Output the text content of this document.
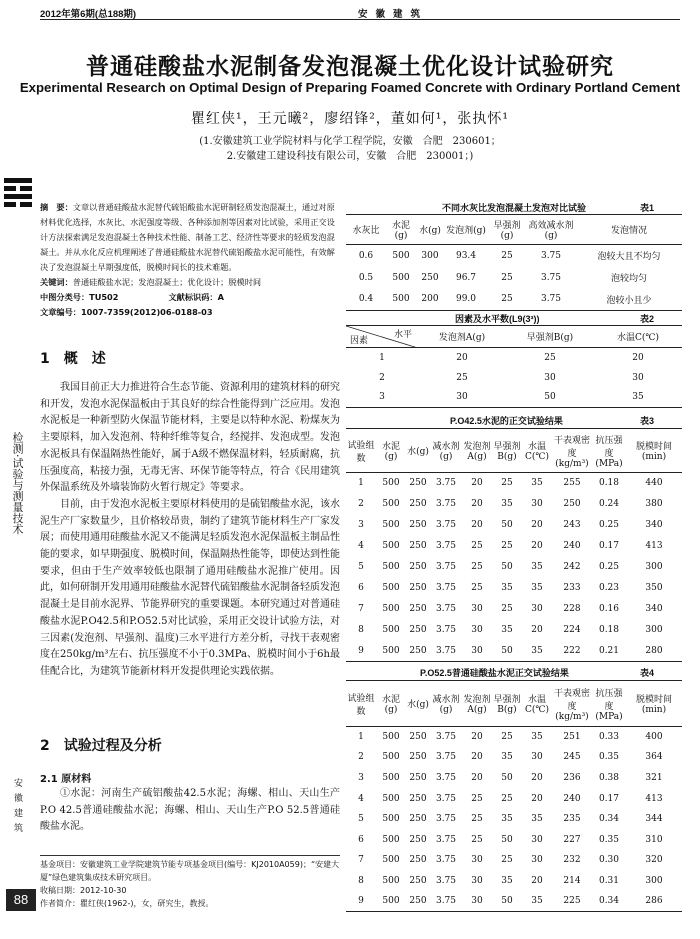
2012年第6期(总188期)	安徽建筑
普通硅酸盐水泥制备发泡混凝土优化设计试验研究
Experimental Research on Optimal Design of Preparing Foamed Concrete with Ordinary Portland Cement
瞿红侠¹，王元曦²，廖绍锋²，董如何¹，张执怀¹
(1.安徽建筑工业学院材料与化学工程学院，安徽　合肥　230601；
2.安徽建工建设科技有限公司，安徽　合肥　230001；)
检测·试验与测量技术
安徽建筑
88
摘　要：文章以普通硅酸盐水泥替代硫铝酸盐水泥研制轻质发泡混凝土，通过对原材料优化选择，水灰比、水泥强度等级、各种添加剂等因素对比试验，采用正交设计方法探索满足发泡混凝土各种技术性能、制备工艺、经济性等要求的轻质发泡混凝土。并从水化反应机理阐述了普通硅酸盐水泥替代硫铝酸盐水泥可能性，有效解决了发泡混凝土早期强度低，脱模时间长的技术难题。
关键词：普通硅酸盐水泥；发泡混凝土；优化设计；脱模时间
中图分类号：TU502	文献标识码：A
文章编号：1007-7359(2012)06-0188-03
1　概　述

我国目前正大力推进符合生态节能、资源利用的建筑材料的研究和开发，发泡水泥保温板由于其良好的综合性能得到广泛应用。发泡水泥板是一种新型防火保温节能材料，主要是以特种水泥、粉煤灰为主要原料，加入发泡剂、特种纤维等复合，经搅拌、发泡成型。发泡水泥板具有保温隔热性能好，属于A级不燃保温材料，轻质耐腐，抗压强度高，粘接力强，无毒无害、环保节能等特点，符合《民用建筑外保温系统及外墙装饰防火暂行规定》等要求。

目前，由于发泡水泥板主要原材料使用的是硫铝酸盐水泥，该水泥生产厂家数量少，且价格较昂贵，制约了建筑节能材料生产厂家发展；而使用通用硅酸盐水泥又不能满足轻质发泡水泥保温板主制品性能的要求，如早期强度、脱模时间，保温隔热性能等，即使达到性能要求，但由于生产效率较低也限制了通用硅酸盐水泥推广使用。因此，如何研制开发用通用硅酸盐水泥替代硫铝酸盐水泥制备轻质发泡混凝土是目前水泥界、节能界研究的重要课题。本研究通过对普通硅酸盐水泥P.O42.5和P.O52.5对比试验，采用正交设计试验方法，对三因素(发泡剂、早强剂、温度)三水平进行方差分析，寻找干表观密度在250kg/m³左右、抗压强度不小于0.3MPa、脱模时间小于6h最佳配合比，为建筑节能新材料开发提供理论实践依据。

2　试验过程及分析
2.1 原材料

①水泥：河南生产硫铝酸盐42.5水泥；海螺、相山、天山生产P.O 42.5普通硅酸盐水泥；海螺、相山、天山生产P.O 52.5普通硅酸盐水泥。

基金项目：安徽建筑工业学院建筑节能专项基金项目(编号：KJ2010A059)；“安建大厦”绿色建筑集成技术研究项目。
收稿日期：2012-10-30
作者简介：瞿红侠(1962-)，女，研究生，教授。
不同水灰比发泡混凝土发泡对比试验	表1
水灰比	水泥(g)	水(g)	发泡剂(g)	早强剂(g)	高效减水剂(g)	发泡情况
0.6	500	300	93.4	25	3.75	泡较大且不均匀
0.5	500	250	96.7	25	3.75	泡较均匀
0.4	500	200	99.0	25	3.75	泡较小且少
因素及水平数(L9(3³))	表2
水平
因素	发泡剂A(g)	早强剂B(g)	水温C(℃)
1	20	25	20
2	25	30	30
3	30	50	35
P.O42.5水泥的正交试验结果	表3
试验组数	水泥(g)	水(g)	减水剂(g)	发泡剂A(g)	早强剂B(g)	水温C(℃)	干表观密度(kg/m³)	抗压强度(MPa)	脱模时间(min)
1	500	250	3.75	20	25	35	255	0.18	440
2	500	250	3.75	20	35	30	250	0.24	380
3	500	250	3.75	20	50	20	243	0.25	340
4	500	250	3.75	25	25	20	240	0.17	413
5	500	250	3.75	25	50	35	242	0.25	300
6	500	250	3.75	25	35	35	233	0.23	350
7	500	250	3.75	30	25	30	228	0.16	340
8	500	250	3.75	30	35	20	224	0.18	300
9	500	250	3.75	30	50	35	222	0.21	280
P.O52.5普通硅酸盐水泥正交试验结果	表4
试验组数	水泥(g)	水(g)	减水剂(g)	发泡剂A(g)	早强剂B(g)	水温C(℃)	干表观密度(kg/m³)	抗压强度(MPa)	脱模时间(min)
1	500	250	3.75	20	25	35	251	0.33	400
2	500	250	3.75	20	35	30	245	0.35	364
3	500	250	3.75	20	50	20	236	0.38	321
4	500	250	3.75	25	25	20	240	0.17	413
5	500	250	3.75	25	35	35	235	0.34	344
6	500	250	3.75	25	50	30	227	0.35	310
7	500	250	3.75	30	25	30	232	0.30	320
8	500	250	3.75	30	35	20	214	0.31	300
9	500	250	3.75	30	50	35	225	0.34	286
